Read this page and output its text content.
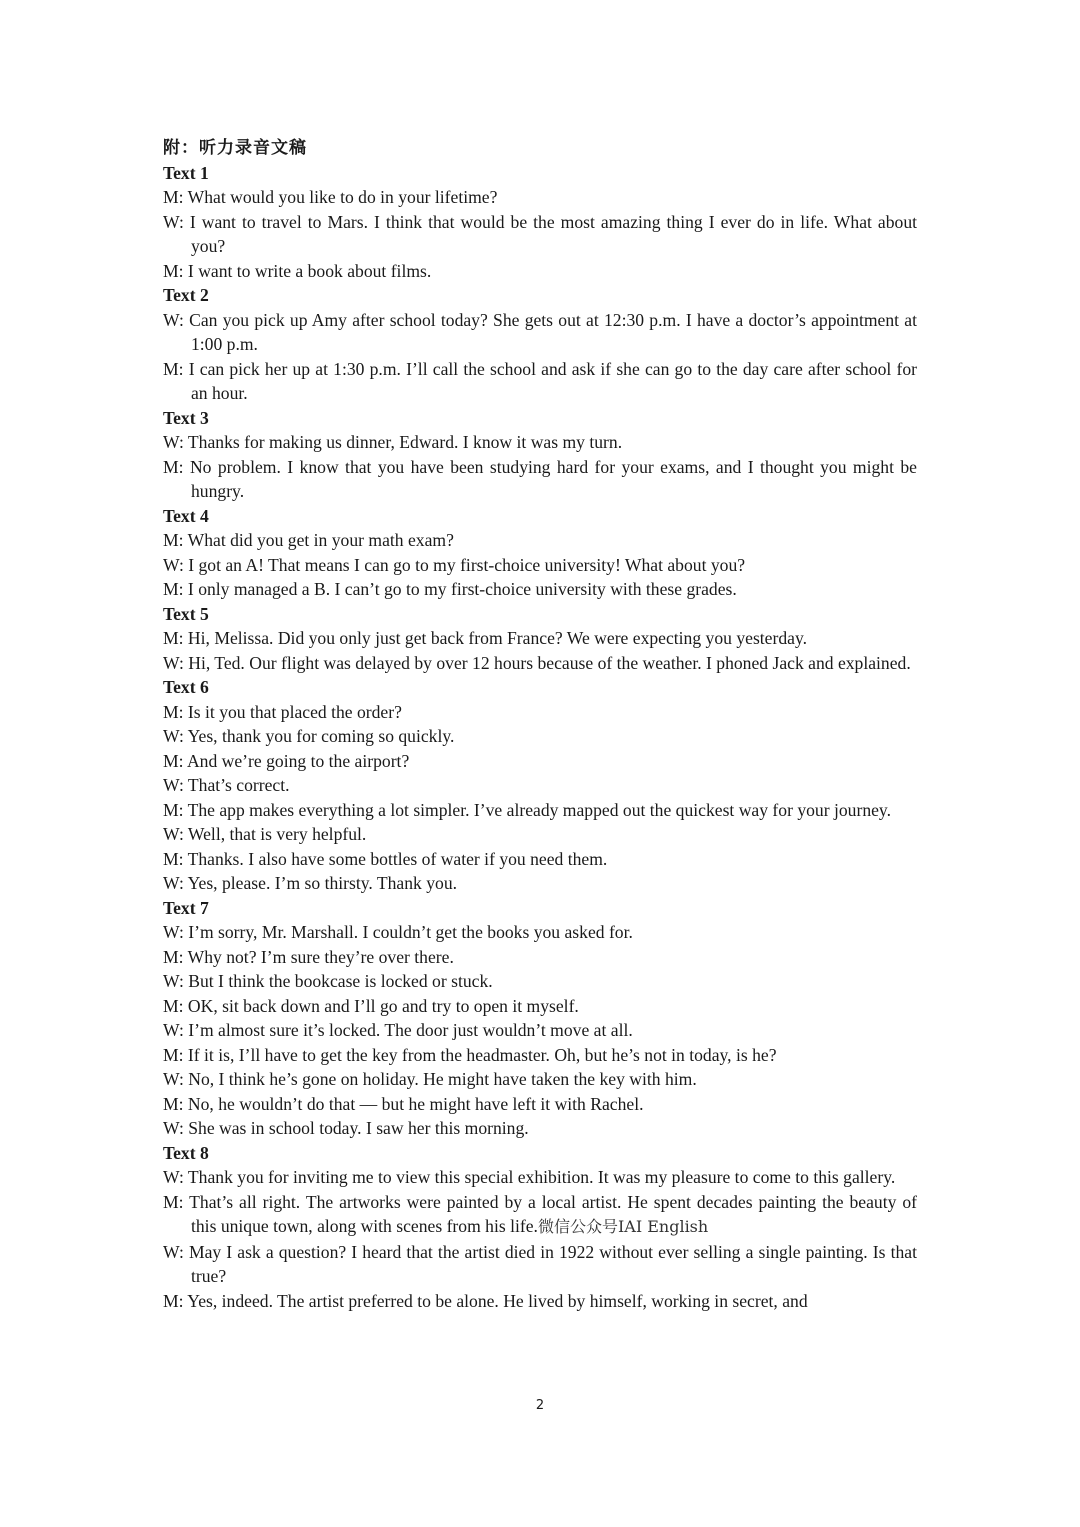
附：听力录音文稿
Text 1
M: What would you like to do in your lifetime?
W: I want to travel to Mars. I think that would be the most amazing thing I ever do in life. What about you?
M: I want to write a book about films.
Text 2
W: Can you pick up Amy after school today? She gets out at 12:30 p.m. I have a doctor’s appointment at 1:00 p.m.
M: I can pick her up at 1:30 p.m. I’ll call the school and ask if she can go to the day care after school for an hour.
Text 3
W: Thanks for making us dinner, Edward. I know it was my turn.
M: No problem. I know that you have been studying hard for your exams, and I thought you might be hungry.
Text 4
M: What did you get in your math exam?
W: I got an A! That means I can go to my first-choice university! What about you?
M: I only managed a B. I can’t go to my first-choice university with these grades.
Text 5
M: Hi, Melissa. Did you only just get back from France? We were expecting you yesterday.
W: Hi, Ted. Our flight was delayed by over 12 hours because of the weather. I phoned Jack and explained.
Text 6
M: Is it you that placed the order?
W: Yes, thank you for coming so quickly.
M: And we’re going to the airport?
W: That’s correct.
M: The app makes everything a lot simpler. I’ve already mapped out the quickest way for your journey.
W: Well, that is very helpful.
M: Thanks. I also have some bottles of water if you need them.
W: Yes, please. I’m so thirsty. Thank you.
Text 7
W: I’m sorry, Mr. Marshall. I couldn’t get the books you asked for.
M: Why not? I’m sure they’re over there.
W: But I think the bookcase is locked or stuck.
M: OK, sit back down and I’ll go and try to open it myself.
W: I’m almost sure it’s locked. The door just wouldn’t move at all.
M: If it is, I’ll have to get the key from the headmaster. Oh, but he’s not in today, is he?
W: No, I think he’s gone on holiday. He might have taken the key with him.
M: No, he wouldn’t do that — but he might have left it with Rachel.
W: She was in school today. I saw her this morning.
Text 8
W: Thank you for inviting me to view this special exhibition. It was my pleasure to come to this gallery.
M: That’s all right. The artworks were painted by a local artist. He spent decades painting the beauty of this unique town, along with scenes from his life.微信公众号IAI English
W: May I ask a question? I heard that the artist died in 1922 without ever selling a single painting. Is that true?
M: Yes, indeed. The artist preferred to be alone. He lived by himself, working in secret, and
2
